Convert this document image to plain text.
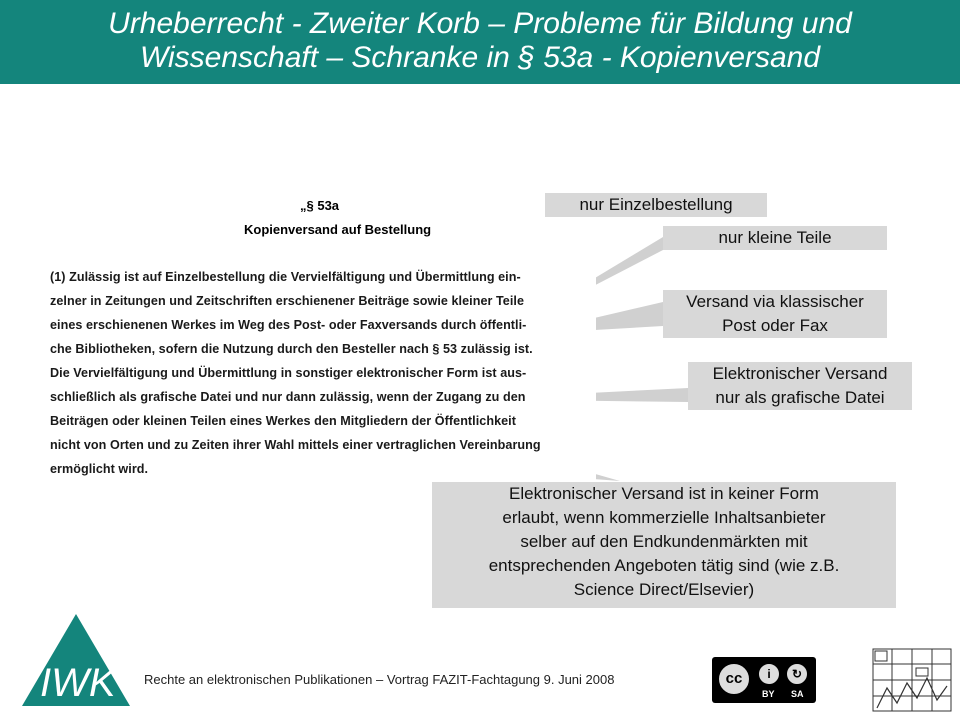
Urheberrecht - Zweiter Korb – Probleme für Bildung und
Wissenschaft – Schranke in § 53a - Kopienversand
„§ 53a
Kopienversand auf Bestellung
(1) Zulässig ist auf Einzelbestellung die Vervielfältigung und Übermittlung ein-
zelner in Zeitungen und Zeitschriften erschienener Beiträge sowie kleiner Teile
eines erschienenen Werkes im Weg des Post- oder Faxversands durch öffentli-
che Bibliotheken, sofern die Nutzung durch den Besteller nach § 53 zulässig ist.
Die Vervielfältigung und Übermittlung in sonstiger elektronischer Form ist aus-
schließlich als grafische Datei und nur dann zulässig, wenn der Zugang zu den
Beiträgen oder kleinen Teilen eines Werkes den Mitgliedern der Öffentlichkeit
nicht von Orten und zu Zeiten ihrer Wahl mittels einer vertraglichen Vereinbarung
ermöglicht wird.
nur Einzelbestellung
nur kleine Teile
Versand via klassischer
Post oder Fax
Elektronischer Versand
nur als grafische Datei
Elektronischer Versand ist in keiner Form
erlaubt, wenn kommerzielle Inhaltsanbieter
selber auf den Endkundenmärkten mit
entsprechenden Angeboten tätig sind (wie z.B.
Science Direct/Elsevier)
IWK Rechte an elektronischen Publikationen – Vortrag FAZIT-Fachtagung 9. Juni 2008	cc	i	↻
BY SA
